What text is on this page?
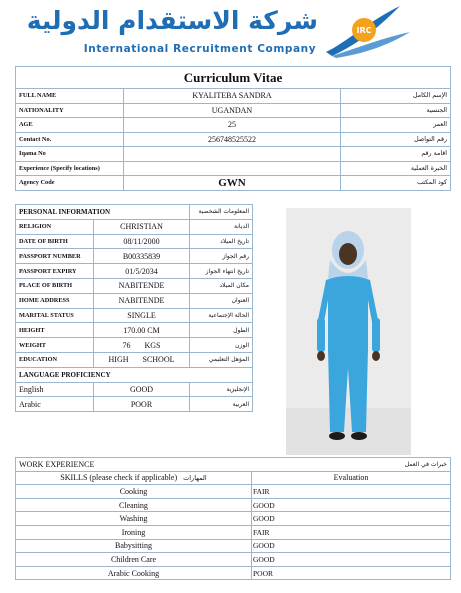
شركة الاستقدام الدولية
International Recruitment Company
IRC
Curriculum Vitae		
FULL NAME	KYALITEBA SANDRA	الإسم الكامل
NATIONALITY	UGANDAN	الجنسية
AGE	25	العمر
Contact No.	256748525522	رقم التواصل
Iqama No		اقامة رقم
Experience (Specify locations)		الخبرة العملية
Agency Code	GWN	كود المكتب
PERSONAL INFORMATION		المعلومات الشخصية
RELIGION	CHRISTIAN	الديانة
DATE OF BIRTH	08/11/2000	تاريخ الميلاد
PASSPORT NUMBER	B00335839	رقم الجواز
PASSPORT EXPIRY	01/5/2034	تاريخ انتهاء الجواز
PLACE OF BIRTH	NABITENDE	مكان الميلاد
HOME ADDRESS	NABITENDE	العنوان
MARITAL STATUS	SINGLE	الحالة الإجتماعية
HEIGHT	170.00 CM	الطول
WEIGHT	76 KGS	الوزن
EDUCATION	HIGH SCHOOL	المؤهل التعليمي
LANGUAGE PROFICIENCY		
English	GOOD	الإنجليزية
Arabic	POOR	العربية
WORK EXPERIENCE	خبرات في العمل
SKILLS (please check if applicable) المهارات	Evaluation
Cooking	FAIR
Cleaning	GOOD
Washing	GOOD
Ironing	FAIR
Babysitting	GOOD
Children Care	GOOD
Arabic Cooking	POOR
